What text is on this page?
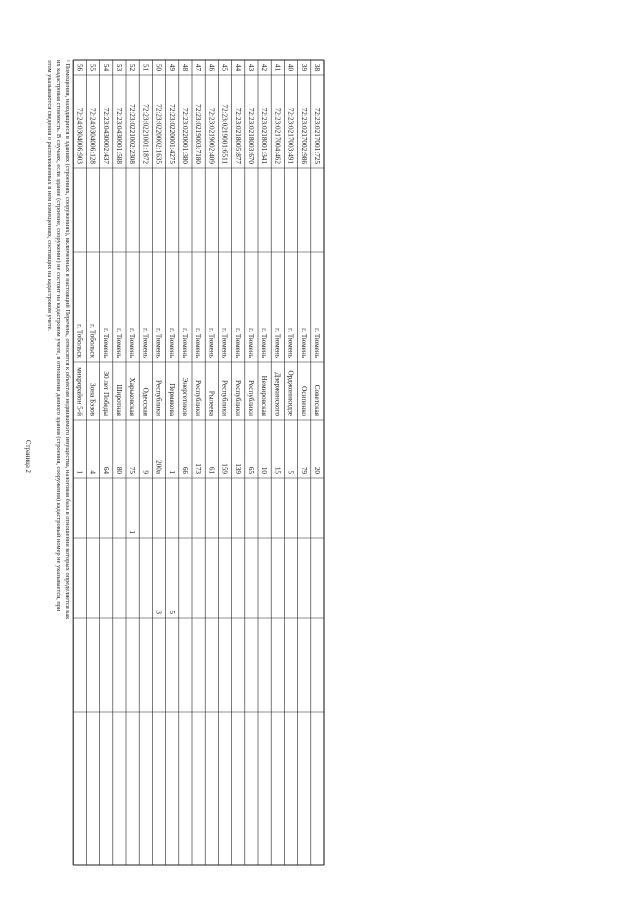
38
72:23:0217001:725
г. Тюмень
Советская
20
39
72:23:0217002:986
г. Тюмень
Осипенко
79
40
72:23:0217003:491
г. Тюмень
Орджоникидзе
5
41
72:23:0217004:462
г. Тюмень
Дзержинского
15
42
72:23:0218001:341
г. Тюмень
Немировская
10
43
72:23:0218003:670
г. Тюмень
Республики
65
44
72:23:0218005:877
г. Тюмень
Республики
139
45
72:23:0219001:6511
г. Тюмень
Республики
159
46
72:23:0219002:409
г. Тюмень
Рылеева
61
47
72:23:0219003:7180
г. Тюмень
Республики
173
48
72:23:0220001:380
г. Тюмень
Энергетиков
66
49
72:23:0220001:4275
г. Тюмень
Пермякова
1
5
50
72:23:0220002:1635
г. Тюмень
Республики
200а
3
51
72:23:0221001:1872
г. Тюмень
Одесская
9
52
72:23:0221002:2308
г. Тюмень
Харьковская
75
1
53
72:23:0430001:588
г. Тюмень
Широтная
80
54
72:23:0430002:437
г. Тюмень
30 лет Победы
64
55
72:24:0304006:128
г. Тобольск
Зона Бэзов
4
56
72:24:0304006:903
г. Тобольск
микрорайон 5-й
1
¹ Помещения, находящиеся в зданиях (строениях, сооружениях), включенных в настоящий Перечень, относятся к объектам недвижимого имущества, налоговая база в отношении которых определяется как
их кадастровая стоимость. В случаях, если здание (строение, сооружение) не состоит на кадастровом учете, в отношении данного здания (строения, сооружения) кадастровый номер не указывается, при
этом указываются сведения о расположенных в нем помещениях, состоящих на кадастровом учете.
Страница 2
